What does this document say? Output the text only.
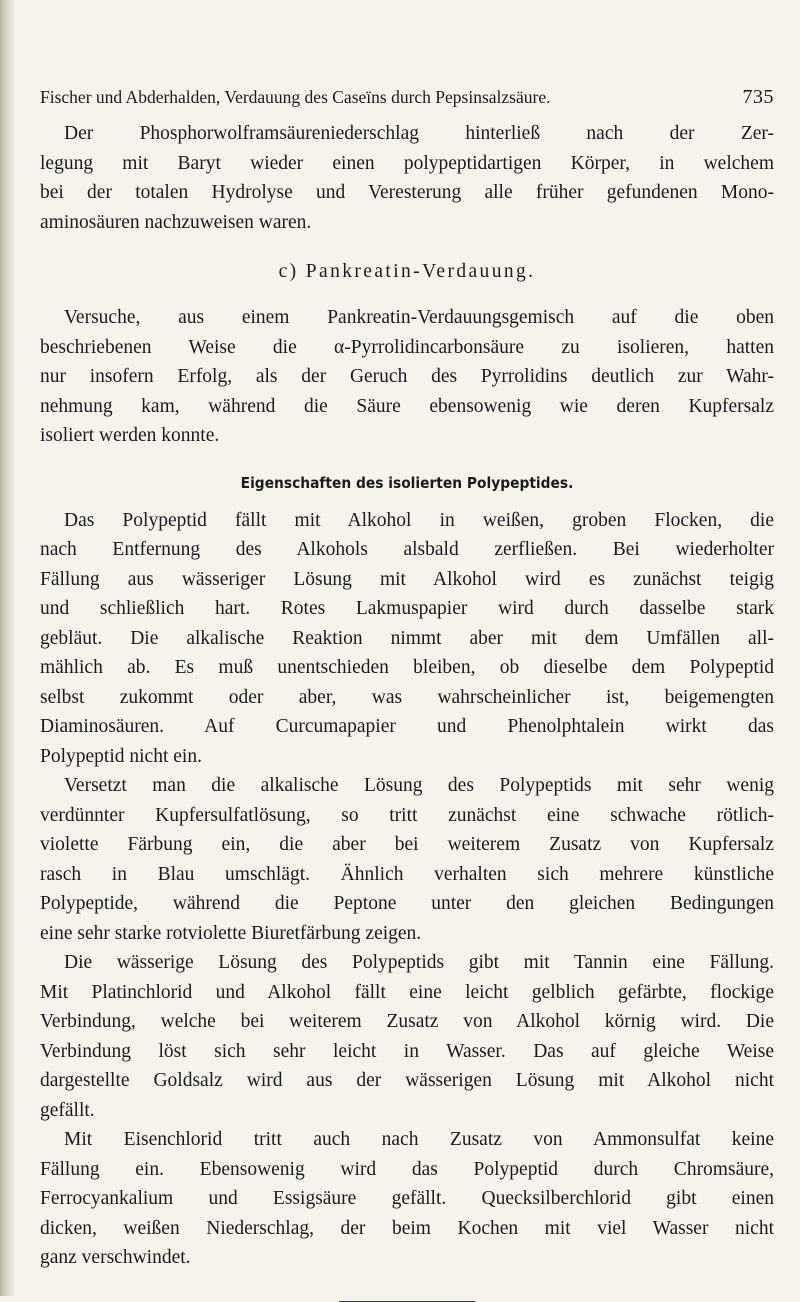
Fischer und Abderhalden, Verdauung des Caseïns durch Pepsinsalzsäure.	735

Der Phosphorwolframsäureniederschlag hinterließ nach der Zer-
legung mit Baryt wieder einen polypeptidartigen Körper, in welchem
bei der totalen Hydrolyse und Veresterung alle früher gefundenen Mono-
aminosäuren nachzuweisen waren.

c) Pankreatin-Verdauung.

Versuche, aus einem Pankreatin-Verdauungsgemisch auf die oben
beschriebenen Weise die α-Pyrrolidincarbonsäure zu isolieren, hatten
nur insofern Erfolg, als der Geruch des Pyrrolidins deutlich zur Wahr-
nehmung kam, während die Säure ebensowenig wie deren Kupfersalz
isoliert werden konnte.

Eigenschaften des isolierten Polypeptides.

Das Polypeptid fällt mit Alkohol in weißen, groben Flocken, die
nach Entfernung des Alkohols alsbald zerfließen. Bei wiederholter
Fällung aus wässeriger Lösung mit Alkohol wird es zunächst teigig
und schließlich hart. Rotes Lakmuspapier wird durch dasselbe stark
gebläut. Die alkalische Reaktion nimmt aber mit dem Umfällen all-
mählich ab. Es muß unentschieden bleiben, ob dieselbe dem Polypeptid
selbst zukommt oder aber, was wahrscheinlicher ist, beigemengten
Diaminosäuren. Auf Curcumapapier und Phenolphtalein wirkt das
Polypeptid nicht ein.

Versetzt man die alkalische Lösung des Polypeptids mit sehr wenig
verdünnter Kupfersulfatlösung, so tritt zunächst eine schwache rötlich-
violette Färbung ein, die aber bei weiterem Zusatz von Kupfersalz
rasch in Blau umschlägt. Ähnlich verhalten sich mehrere künstliche
Polypeptide, während die Peptone unter den gleichen Bedingungen
eine sehr starke rotviolette Biuretfärbung zeigen.

Die wässerige Lösung des Polypeptids gibt mit Tannin eine Fällung.
Mit Platinchlorid und Alkohol fällt eine leicht gelblich gefärbte, flockige
Verbindung, welche bei weiterem Zusatz von Alkohol körnig wird. Die
Verbindung löst sich sehr leicht in Wasser. Das auf gleiche Weise
dargestellte Goldsalz wird aus der wässerigen Lösung mit Alkohol nicht
gefällt.

Mit Eisenchlorid tritt auch nach Zusatz von Ammonsulfat keine
Fällung ein. Ebensowenig wird das Polypeptid durch Chromsäure,
Ferrocyankalium und Essigsäure gefällt. Quecksilberchlorid gibt einen
dicken, weißen Niederschlag, der beim Kochen mit viel Wasser nicht
ganz verschwindet.
